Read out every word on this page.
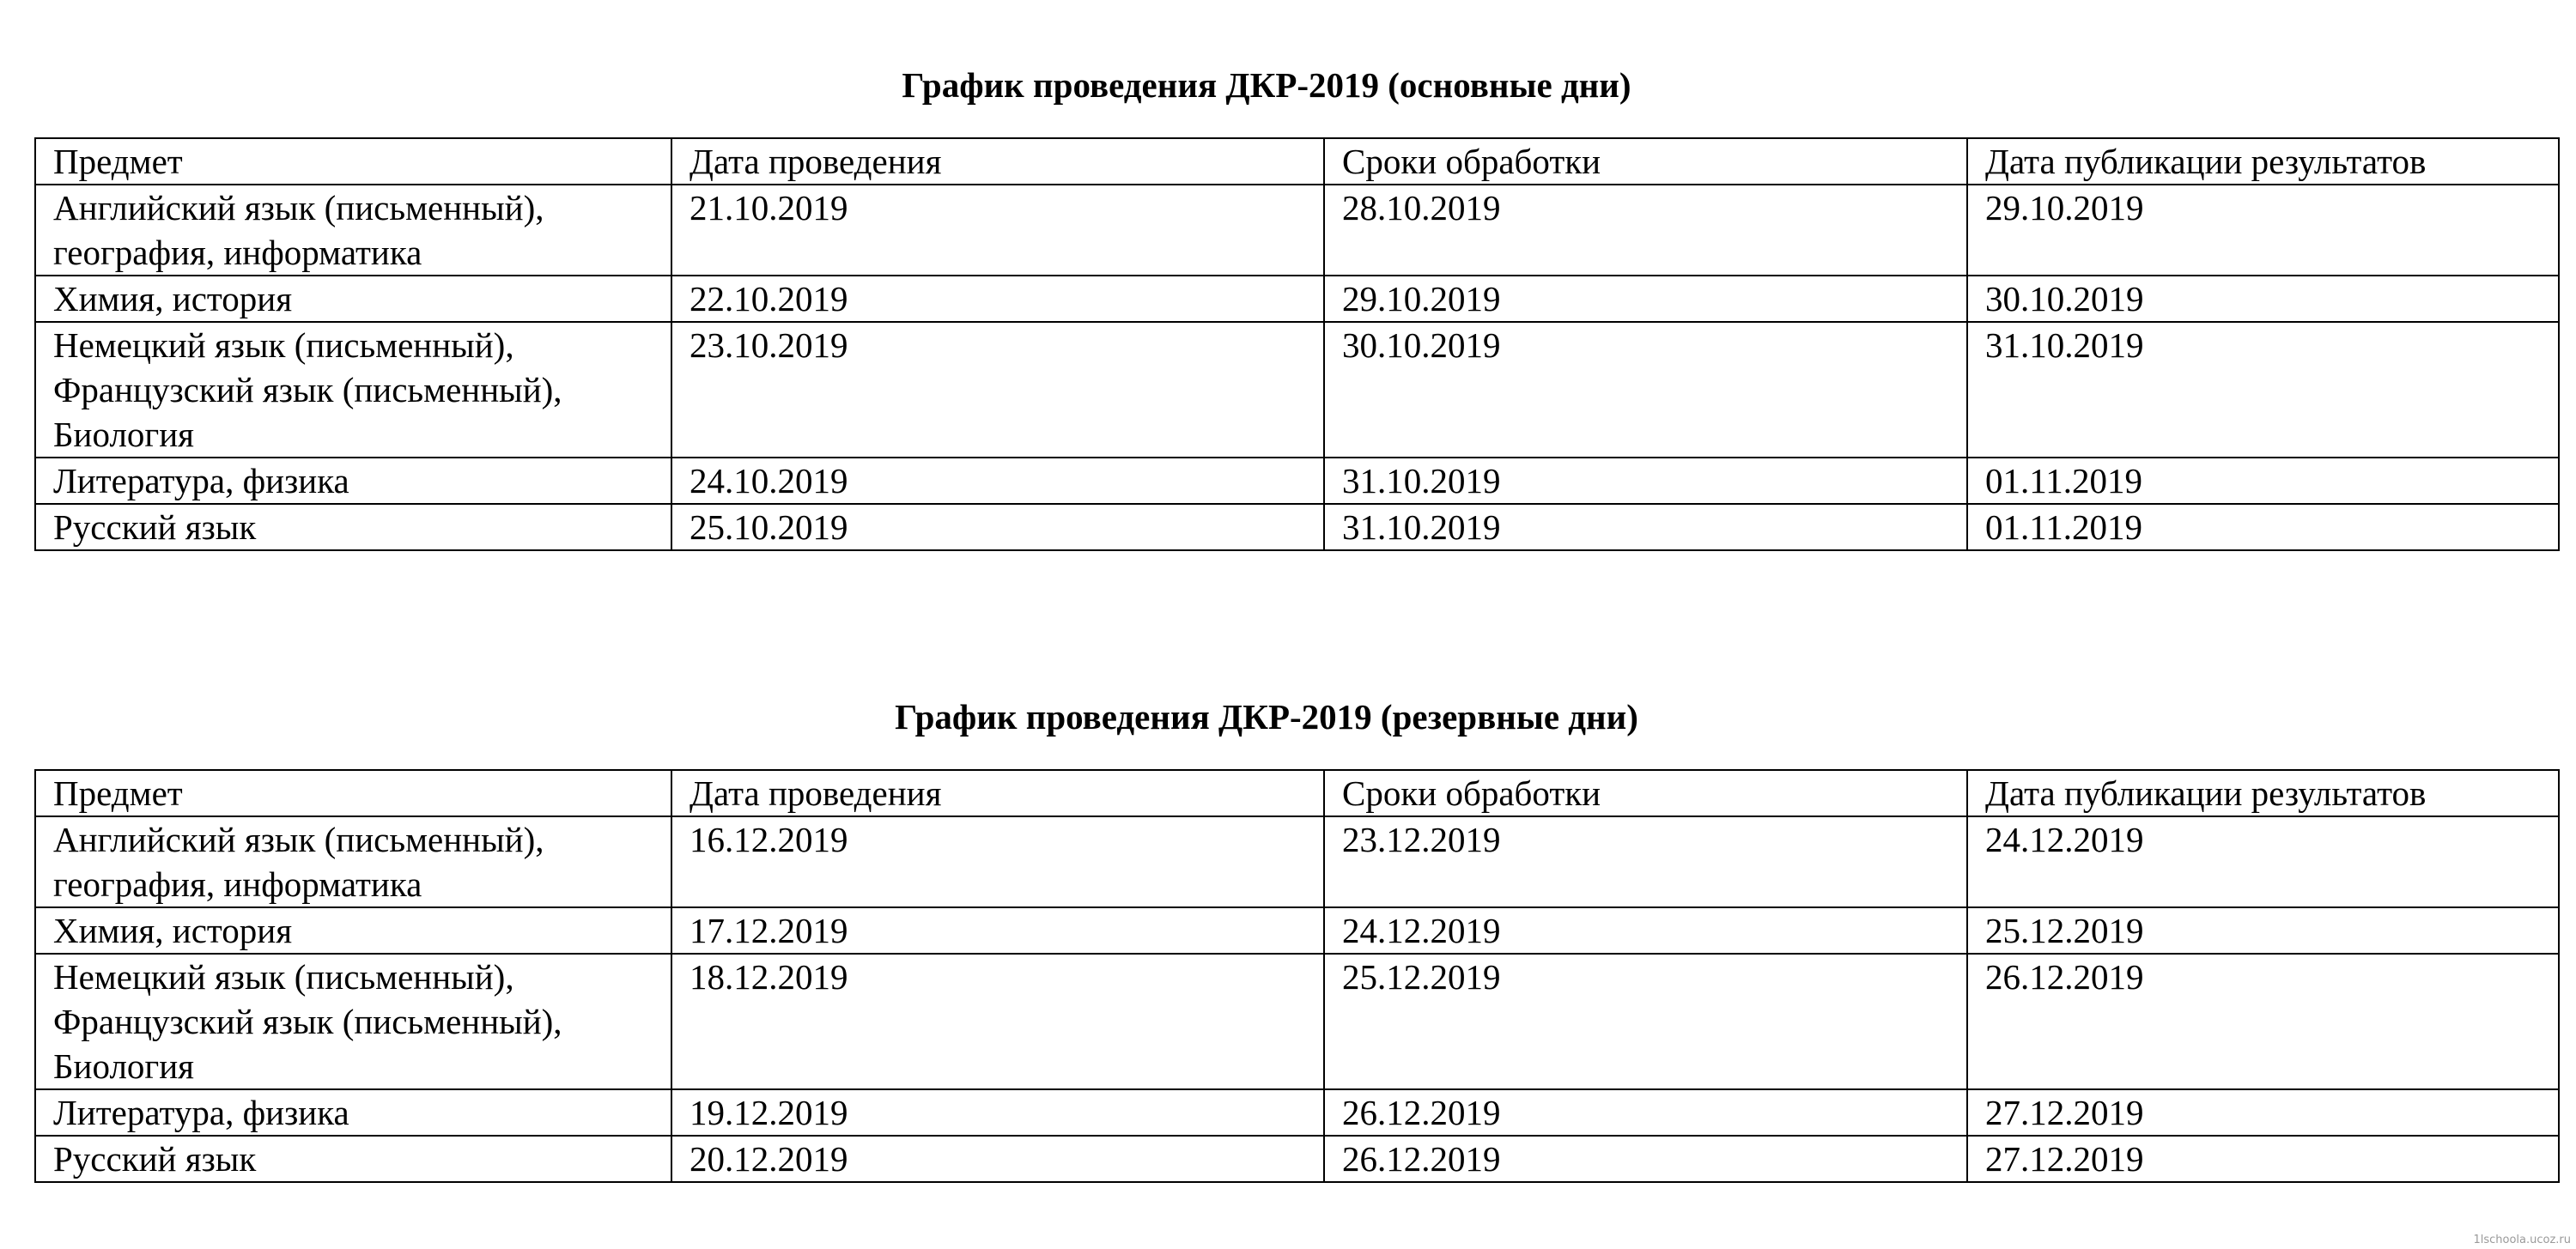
График проведения ДКР-2019 (основные дни)
Предмет	Дата проведения	Сроки обработки	Дата публикации результатов
Английский язык (письменный),
география, информатика	21.10.2019	28.10.2019	29.10.2019
Химия, история	22.10.2019	29.10.2019	30.10.2019
Немецкий язык (письменный),
Французский язык (письменный),
Биология	23.10.2019	30.10.2019	31.10.2019
Литература, физика	24.10.2019	31.10.2019	01.11.2019
Русский язык	25.10.2019	31.10.2019	01.11.2019
График проведения ДКР-2019 (резервные дни)
Предмет	Дата проведения	Сроки обработки	Дата публикации результатов
Английский язык (письменный),
география, информатика	16.12.2019	23.12.2019	24.12.2019
Химия, история	17.12.2019	24.12.2019	25.12.2019
Немецкий язык (письменный),
Французский язык (письменный),
Биология	18.12.2019	25.12.2019	26.12.2019
Литература, физика	19.12.2019	26.12.2019	27.12.2019
Русский язык	20.12.2019	26.12.2019	27.12.2019
1lschoola.ucoz.ru
